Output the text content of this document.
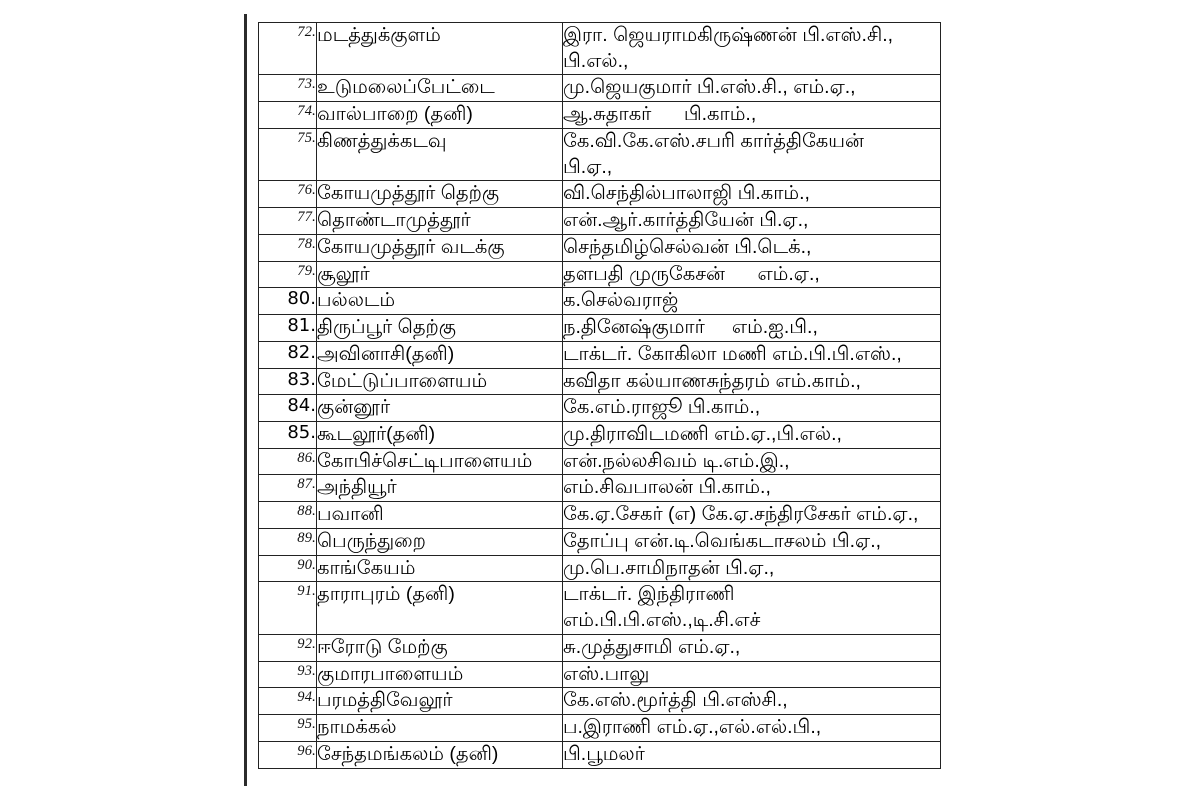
72.	மடத்துக்குளம்	இரா. ஜெயராமகிருஷ்ணன் பி.எஸ்.சி.,
பி.எல்.,

73.	உடுமலைப்பேட்டை	மு.ஜெயகுமார் பி.எஸ்.சி., எம்.ஏ.,
74.	வால்பாறை (தனி)	ஆ.சுதாகர்      பி.காம்.,
75.	கிணத்துக்கடவு	கே.வி.கே.எஸ்.சபரி கார்த்திகேயன்
பி.ஏ.,

76.	கோயமுத்தூர் தெற்கு	வி.செந்தில்பாலாஜி பி.காம்.,
77.	தொண்டாமுத்தூர்	என்.ஆர்.கார்த்தியேன் பி.ஏ.,
78.	கோயமுத்தூர் வடக்கு	செந்தமிழ்செல்வன் பி.டெக்.,
79.	சூலூர்	தளபதி முருகேசன்      எம்.ஏ.,
80.	பல்லடம்	க.செல்வராஜ்
81.	திருப்பூர் தெற்கு	ந.தினேஷ்குமார்     எம்.ஐ.பி.,
82.	அவினாசி(தனி)	டாக்டர். கோகிலா மணி எம்.பி.பி.எஸ்.,
83.	மேட்டுப்பாளையம்	கவிதா கல்யாணசுந்தரம் எம்.காம்.,
84.	குன்னூர்	கே.எம்.ராஜூ பி.காம்.,
85.	கூடலூர்(தனி)	மு.திராவிடமணி எம்.ஏ.,பி.எல்.,
86.	கோபிச்செட்டிபாளையம்	என்.நல்லசிவம் டி.எம்.இ.,
87.	அந்தியூர்	எம்.சிவபாலன் பி.காம்.,
88.	பவானி	கே.ஏ.சேகர் (எ) கே.ஏ.சந்திரசேகர் எம்.ஏ.,
89.	பெருந்துறை	தோப்பு என்.டி.வெங்கடாசலம் பி.ஏ.,
90.	காங்கேயம்	மு.பெ.சாமிநாதன் பி.ஏ.,
91.	தாராபுரம் (தனி)	டாக்டர். இந்திராணி
எம்.பி.பி.எஸ்.,டி.சி.எச்

92.	ஈரோடு மேற்கு	சு.முத்துசாமி எம்.ஏ.,
93.	குமாரபாளையம்	எஸ்.பாலு
94.	பரமத்திவேலூர்	கே.எஸ்.மூர்த்தி பி.எஸ்சி.,
95.	நாமக்கல்	ப.இராணி எம்.ஏ.,எல்.எல்.பி.,
96.	சேந்தமங்கலம் (தனி)	பி.பூமலர்
